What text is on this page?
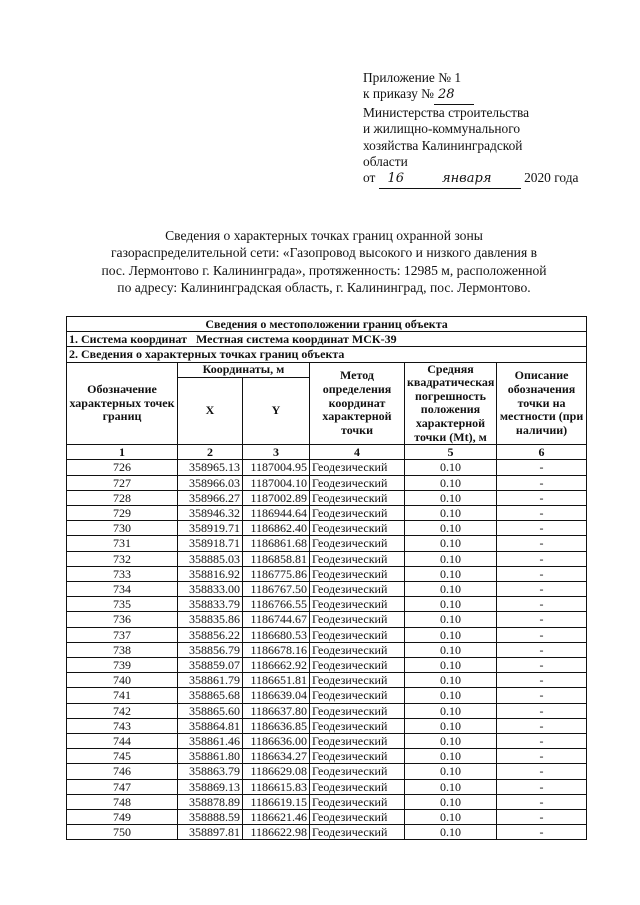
Приложение № 1
к приказу № 28
Министерства строительства
и жилищно-коммунального
хозяйства Калининградской
области
от 16	января 2020 года
Сведения о характерных точках границ охранной зоны
газораспределительной сети: «Газопровод высокого и низкого давления в
пос. Лермонтово г. Калининграда», протяженность: 12985 м, расположенной
по адресу: Калининградская область, г. Калининград, пос. Лермонтово.
Сведения о местоположении границ объекта					
1. Система координат   Местная система координат МСК-39					
2. Сведения о характерных точках границ объекта					
Обозначение характерных точек границ	Координаты, м		Метод определения координат характерной точки	Средняя квадратическая погрешность положения характерной точки (Mt), м	Описание обозначения точки на местности (при наличии)
	X	Y			
1	2	3	4	5	6
726	358965.13	1187004.95	Геодезический	0.10	-
727	358966.03	1187004.10	Геодезический	0.10	-
728	358966.27	1187002.89	Геодезический	0.10	-
729	358946.32	1186944.64	Геодезический	0.10	-
730	358919.71	1186862.40	Геодезический	0.10	-
731	358918.71	1186861.68	Геодезический	0.10	-
732	358885.03	1186858.81	Геодезический	0.10	-
733	358816.92	1186775.86	Геодезический	0.10	-
734	358833.00	1186767.50	Геодезический	0.10	-
735	358833.79	1186766.55	Геодезический	0.10	-
736	358835.86	1186744.67	Геодезический	0.10	-
737	358856.22	1186680.53	Геодезический	0.10	-
738	358856.79	1186678.16	Геодезический	0.10	-
739	358859.07	1186662.92	Геодезический	0.10	-
740	358861.79	1186651.81	Геодезический	0.10	-
741	358865.68	1186639.04	Геодезический	0.10	-
742	358865.60	1186637.80	Геодезический	0.10	-
743	358864.81	1186636.85	Геодезический	0.10	-
744	358861.46	1186636.00	Геодезический	0.10	-
745	358861.80	1186634.27	Геодезический	0.10	-
746	358863.79	1186629.08	Геодезический	0.10	-
747	358869.13	1186615.83	Геодезический	0.10	-
748	358878.89	1186619.15	Геодезический	0.10	-
749	358888.59	1186621.46	Геодезический	0.10	-
750	358897.81	1186622.98	Геодезический	0.10	-
